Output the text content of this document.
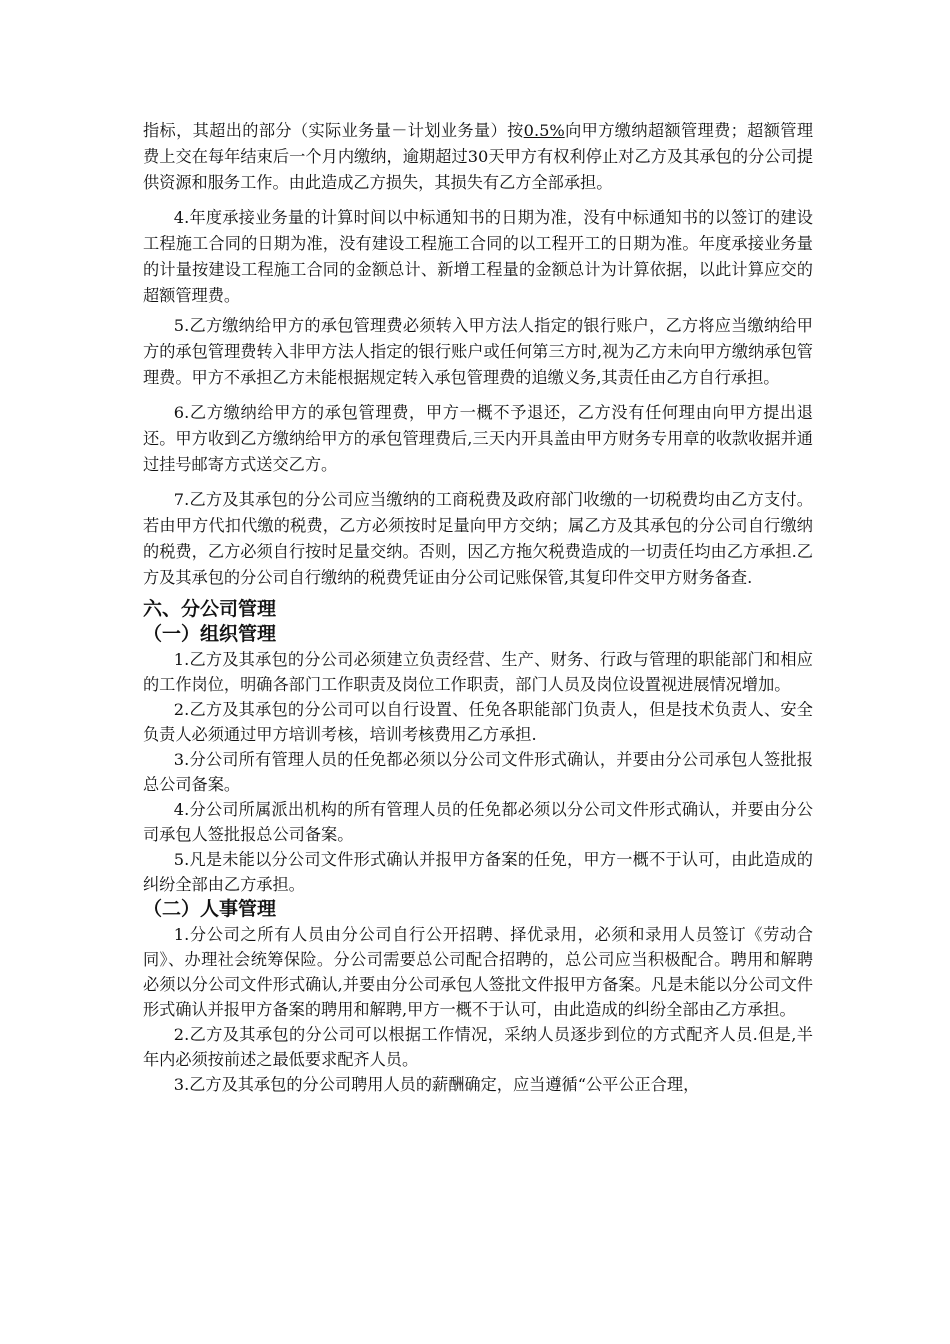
指标，其超出的部分（实际业务量－计划业务量）按0.5%向甲方缴纳超额管理费；超额管理费上交在每年结束后一个月内缴纳，逾期超过30天甲方有权利停止对乙方及其承包的分公司提供资源和服务工作。由此造成乙方损失，其损失有乙方全部承担。

4.年度承接业务量的计算时间以中标通知书的日期为准，没有中标通知书的以签订的建设工程施工合同的日期为准，没有建设工程施工合同的以工程开工的日期为准。年度承接业务量的计量按建设工程施工合同的金额总计、新增工程量的金额总计为计算依据，以此计算应交的超额管理费。

5.乙方缴纳给甲方的承包管理费必须转入甲方法人指定的银行账户，乙方将应当缴纳给甲方的承包管理费转入非甲方法人指定的银行账户或任何第三方时,视为乙方未向甲方缴纳承包管理费。甲方不承担乙方未能根据规定转入承包管理费的追缴义务,其责任由乙方自行承担。

6.乙方缴纳给甲方的承包管理费，甲方一概不予退还，乙方没有任何理由向甲方提出退还。甲方收到乙方缴纳给甲方的承包管理费后,三天内开具盖由甲方财务专用章的收款收据并通过挂号邮寄方式送交乙方。

7.乙方及其承包的分公司应当缴纳的工商税费及政府部门收缴的一切税费均由乙方支付。若由甲方代扣代缴的税费，乙方必须按时足量向甲方交纳；属乙方及其承包的分公司自行缴纳的税费，乙方必须自行按时足量交纳。否则，因乙方拖欠税费造成的一切责任均由乙方承担.乙方及其承包的分公司自行缴纳的税费凭证由分公司记账保管,其复印件交甲方财务备查.

六、分公司管理
（一）组织管理

1.乙方及其承包的分公司必须建立负责经营、生产、财务、行政与管理的职能部门和相应的工作岗位，明确各部门工作职责及岗位工作职责，部门人员及岗位设置视进展情况增加。

2.乙方及其承包的分公司可以自行设置、任免各职能部门负责人，但是技术负责人、安全负责人必须通过甲方培训考核，培训考核费用乙方承担.

3.分公司所有管理人员的任免都必须以分公司文件形式确认，并要由分公司承包人签批报总公司备案。

4.分公司所属派出机构的所有管理人员的任免都必须以分公司文件形式确认，并要由分公司承包人签批报总公司备案。

5.凡是未能以分公司文件形式确认并报甲方备案的任免，甲方一概不于认可，由此造成的纠纷全部由乙方承担。

（二）人事管理

1.分公司之所有人员由分公司自行公开招聘、择优录用，必须和录用人员签订《劳动合同》、办理社会统筹保险。分公司需要总公司配合招聘的，总公司应当积极配合。聘用和解聘必须以分公司文件形式确认,并要由分公司承包人签批文件报甲方备案。凡是未能以分公司文件形式确认并报甲方备案的聘用和解聘,甲方一概不于认可，由此造成的纠纷全部由乙方承担。

2.乙方及其承包的分公司可以根据工作情况，采纳人员逐步到位的方式配齐人员.但是,半年内必须按前述之最低要求配齐人员。

3.乙方及其承包的分公司聘用人员的薪酬确定，应当遵循“公平公正合理，
